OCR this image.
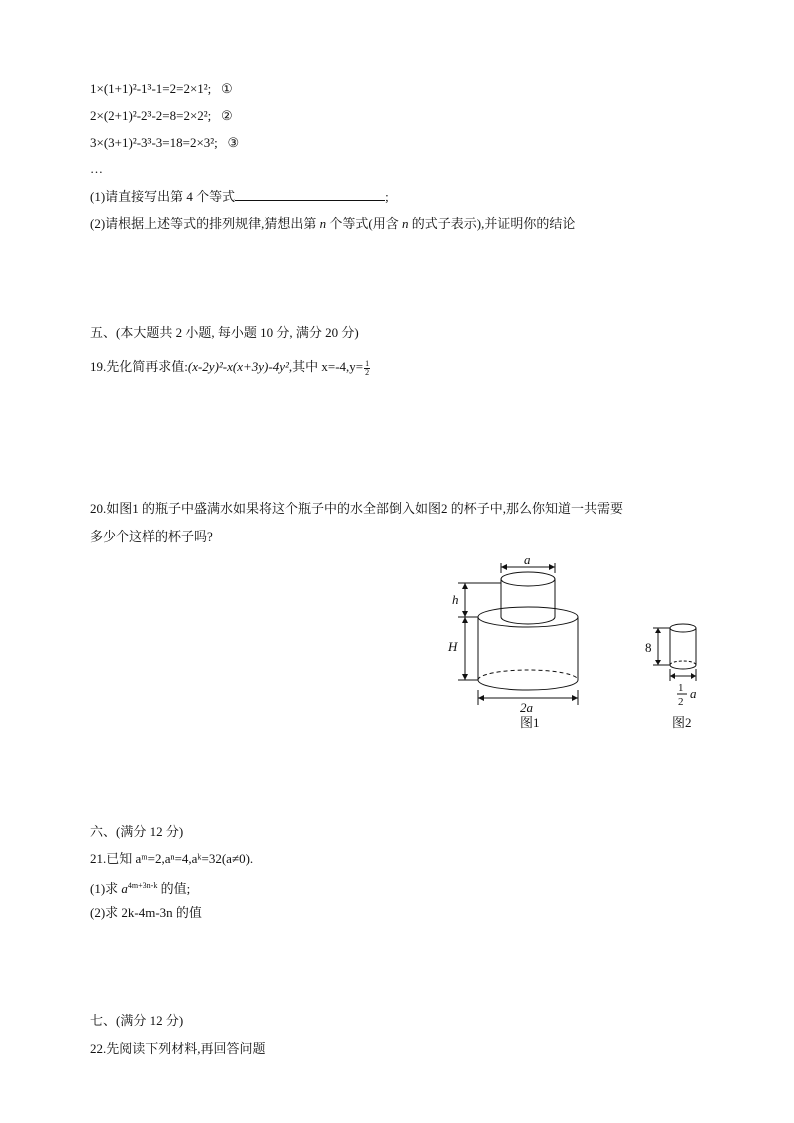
1×(1+1)²-1³-1=2=2×1²; ①
2×(2+1)²-2³-2=8=2×2²; ②
3×(3+1)²-3³-3=18=2×3²; ③
…
(1)请直接写出第 4 个等式	;
(2)请根据上述等式的排列规律,猜想出第 n 个等式(用含 n 的式子表示),并证明你的结论
五、(本大题共 2 小题, 每小题 10 分, 满分 20 分)
19.先化简再求值:(x-2y)²-x(x+3y)-4y²,其中 $x=-4,y= \frac{1}{2}$
20.如图1 的瓶子中盛满水如果将这个瓶子中的水全部倒入如图2 的杯子中,那么你知道一共需要
多少个这样的杯子吗?
a
h
H
2a
图1
8
1
2
a
图2
六、(满分 12 分)
21.已知 aᵐ=2,aⁿ=4,aᵏ=32(a≠0).
(1)求 $a^{4m+3n-k}$ 的值;
(2)求 2k-4m-3n 的值
七、(满分 12 分)
22.先阅读下列材料,再回答问题
